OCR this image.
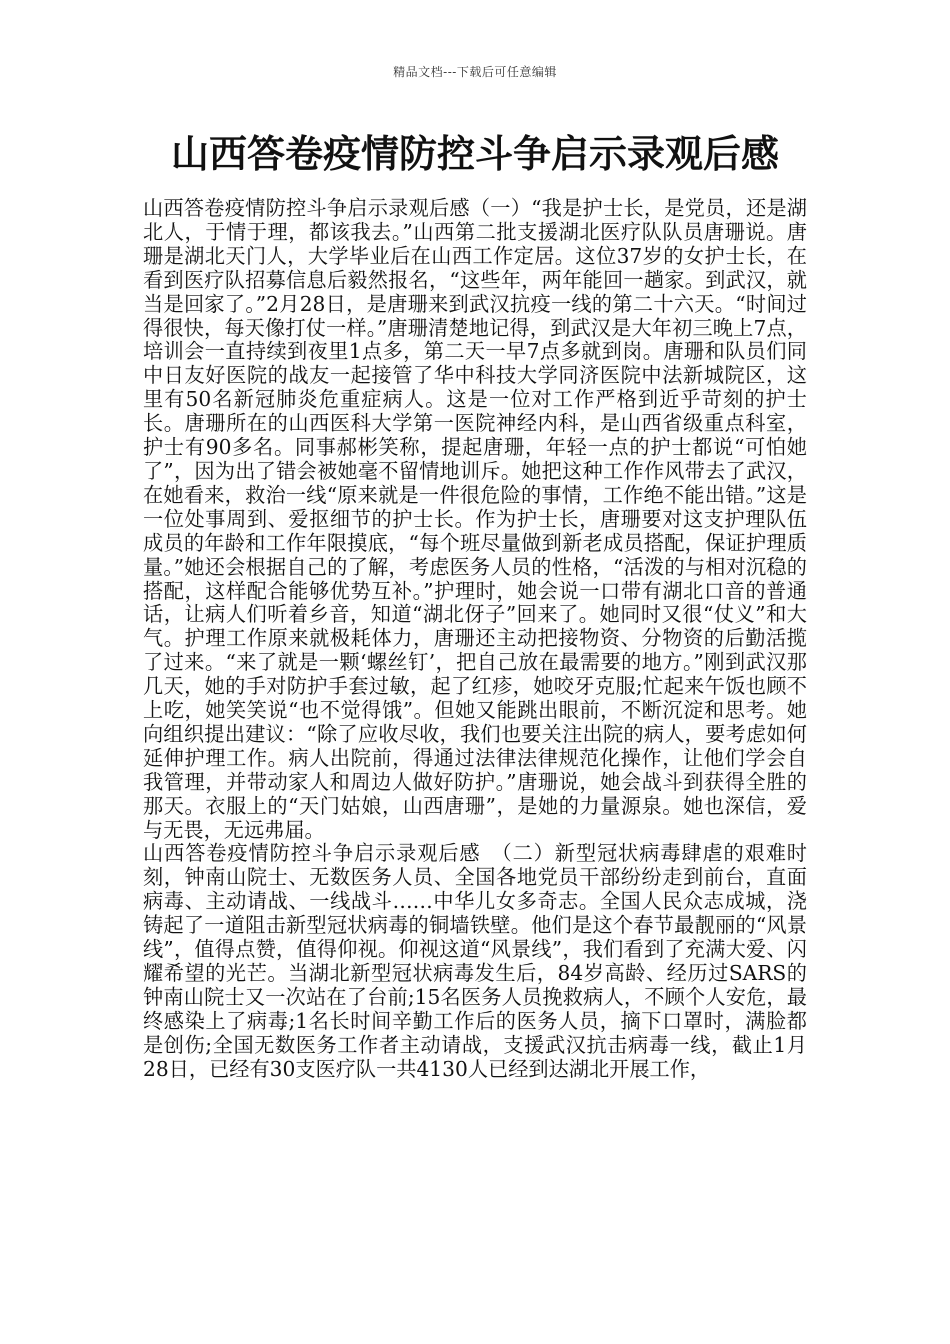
精品文档---下载后可任意编辑
山西答卷疫情防控斗争启示录观后感

山西答卷疫情防控斗争启示录观后感（一）“我是护士长，是党员，还是湖北人，于情于理，都该我去。”山西第二批支援湖北医疗队队员唐珊说。唐珊是湖北天门人，大学毕业后在山西工作定居。这位37岁的女护士长，在看到医疗队招募信息后毅然报名，“这些年，两年能回一趟家。到武汉，就当是回家了。”2月28日，是唐珊来到武汉抗疫一线的第二十六天。“时间过得很快，每天像打仗一样。”唐珊清楚地记得，到武汉是大年初三晚上7点，培训会一直持续到夜里1点多，第二天一早7点多就到岗。唐珊和队员们同中日友好医院的战友一起接管了华中科技大学同济医院中法新城院区，这里有50名新冠肺炎危重症病人。这是一位对工作严格到近乎苛刻的护士长。唐珊所在的山西医科大学第一医院神经内科，是山西省级重点科室，护士有90多名。同事郝彬笑称，提起唐珊，年轻一点的护士都说“可怕她了”，因为出了错会被她毫不留情地训斥。她把这种工作作风带去了武汉，在她看来，救治一线“原来就是一件很危险的事情，工作绝不能出错。”这是一位处事周到、爱抠细节的护士长。作为护士长，唐珊要对这支护理队伍成员的年龄和工作年限摸底，“每个班尽量做到新老成员搭配，保证护理质量。”她还会根据自己的了解，考虑医务人员的性格，“活泼的与相对沉稳的搭配，这样配合能够优势互补。”护理时，她会说一口带有湖北口音的普通话，让病人们听着乡音，知道“湖北伢子”回来了。她同时又很“仗义”和大气。护理工作原来就极耗体力，唐珊还主动把接物资、分物资的后勤活揽了过来。“来了就是一颗‘螺丝钉’，把自己放在最需要的地方。”刚到武汉那几天，她的手对防护手套过敏，起了红疹，她咬牙克服;忙起来午饭也顾不上吃，她笑笑说“也不觉得饿”。但她又能跳出眼前，不断沉淀和思考。她向组织提出建议：“除了应收尽收，我们也要关注出院的病人，要考虑如何延伸护理工作。病人出院前，得通过法律法律规范化操作，让他们学会自我管理，并带动家人和周边人做好防护。”唐珊说，她会战斗到获得全胜的那天。衣服上的“天门姑娘，山西唐珊”，是她的力量源泉。她也深信，爱与无畏，无远弗届。

山西答卷疫情防控斗争启示录观后感　（二）新型冠状病毒肆虐的艰难时刻，钟南山院士、无数医务人员、全国各地党员干部纷纷走到前台，直面病毒、主动请战、一线战斗……中华儿女多奇志。全国人民众志成城，浇铸起了一道阻击新型冠状病毒的铜墙铁壁。他们是这个春节最靓丽的“风景线”，值得点赞，值得仰视。仰视这道“风景线”，我们看到了充满大爱、闪耀希望的光芒。当湖北新型冠状病毒发生后，84岁高龄、经历过SARS的钟南山院士又一次站在了台前;15名医务人员挽救病人，不顾个人安危，最终感染上了病毒;1名长时间辛勤工作后的医务人员，摘下口罩时，满脸都是创伤;全国无数医务工作者主动请战，支援武汉抗击病毒一线，截止1月28日，已经有30支医疗队一共4130人已经到达湖北开展工作，
